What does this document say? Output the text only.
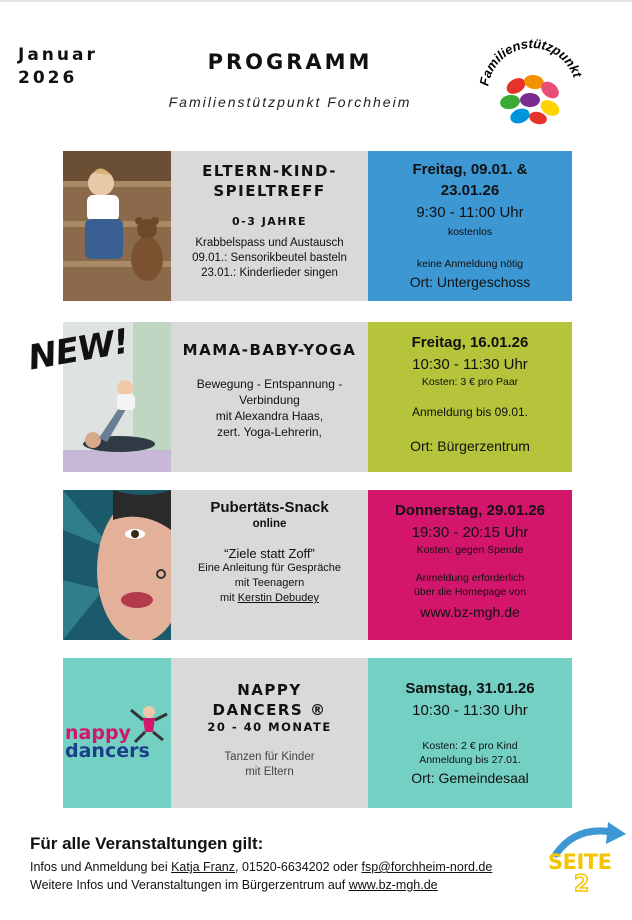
Januar
2026
PROGRAMM
Familienstützpunkt Forchheim
Familienstützpunkt
ELTERN-KIND-
SPIELTREFF
0-3 JAHRE
Krabbelspass und Austausch
09.01.: Sensorikbeutel basteln
23.01.: Kinderlieder singen
Freitag, 09.01. &
23.01.26
9:30 - 11:00 Uhr
kostenlos
keine Anmeldung nötig
Ort: Untergeschoss
MAMA-BABY-YOGA
Bewegung - Entspannung -
Verbindung
mit Alexandra Haas,
zert. Yoga-Lehrerin,
Freitag, 16.01.26
10:30 - 11:30 Uhr
Kosten: 3 € pro Paar
Anmeldung bis 09.01.
Ort: Bürgerzentrum
NEW!
Pubertäts-Snack
online
“Ziele statt Zoff”
Eine Anleitung für Gespräche
mit Teenagern
mit Kerstin Debudey
Donnerstag, 29.01.26
19:30 - 20:15 Uhr
Kosten: gegen Spende
Anmeldung erforderlich
über die Homepage von
www.bz-mgh.de
nappy
dancers
NAPPY
DANCERS ®
20 - 40 MONATE
Tanzen für Kinder
mit Eltern
Samstag, 31.01.26
10:30 - 11:30 Uhr
Kosten: 2 € pro Kind
Anmeldung bis 27.01.
Ort: Gemeindesaal
Für alle Veranstaltungen gilt:
Infos und Anmeldung bei Katja Franz, 01520-6634202 oder fsp@forchheim-nord.de
Weitere Infos und Veranstaltungen im Bürgerzentrum auf www.bz-mgh.de
SEITE
2
